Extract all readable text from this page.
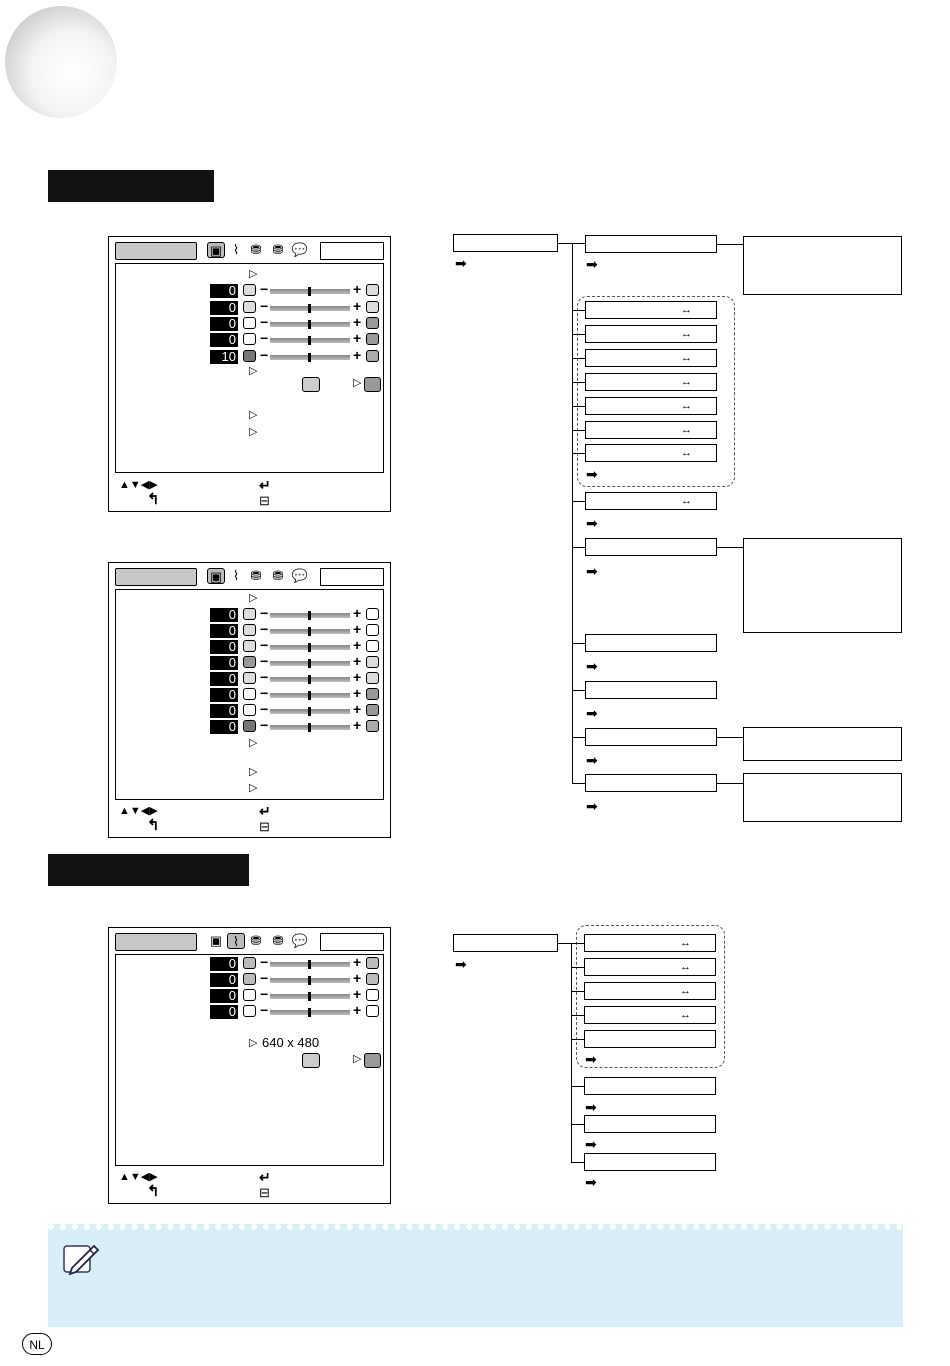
▣ ⌇ ⛃ ⛃ 💬
▷
0 −	+
0 −	+
0 −	+
0 −	+
10 −	+
▷
▷
▷
▷
▲▼◀▶	↵
↰	⊟
▣ ⌇ ⛃ ⛃ 💬
▷
0 −	+
0 −	+
0 −	+
0 −	+
0 −	+
0 −	+
0 −	+
0 −	+
▷
▷
▷
▲▼◀▶	↵
↰	⊟
▣ ⌇ ⛃ ⛃ 💬
0 −	+
0 −	+
0 −	+
0 −	+
▷ 640 x 480
▷
▲▼◀▶	↵
↰	⊟
➡	➡
↔
↔
↔
↔
↔
↔
↔
➡
↔
➡
➡
➡
➡
➡
➡
➡
↔
↔
↔
↔
➡
➡
➡
➡
NL
